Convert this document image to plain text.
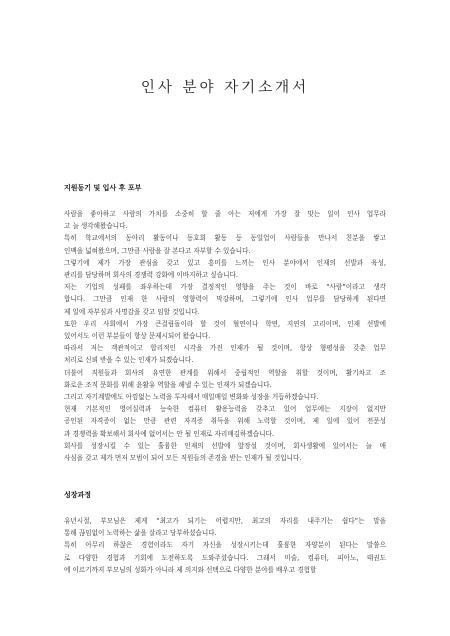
인사 분야 자기소개서
지원동기 및 입사 후 포부

사람을 좋아하고 사람의 가치를 소중히 할 줄 아는 저에게 가장 잘 맞는 일이 인사 업무라

고 늘 생각해왔습니다.

특히 학교에서의 동아리 활동이나 동호회 활동 등 동일업이 사람들을 만나서 친분을 쌓고

인맥을 넓혀왔으며, 그만큼 사람을 잘 본다고 자부할 수 있습니다.

그렇기에 제가 가장 관심을 갖고 있고 흥미를 느끼는 인사 분야에서 인재의 선발과 육성,

관리를 담당하며 회사의 경쟁력 강화에 이바지하고 싶습니다.

저는 기업의 성패를 좌우하는데 가장 결정적인 영향을 주는 것이 바로 “사람”이라고 생각

합니다. 그만큼 인재 한 사람의 영향력이 막강하며, 그렇기에 인사 업무를 담당하게 된다면

제 일에 자부심과 사명감을 갖고 임할 것입니다.

또한 우리 사회에서 가장 큰걸림돌이라 할 것이 혈연이나 학연, 지연의 고리이며, 인재 선발에

있어서도 이런 부분들이 항상 문제시되어 왔습니다.

따라서 저는 객관적이고 합리적인 시각을 가진 인재가 될 것이며, 항상 형평성을 갖춘 업무

처리로 신뢰 받을 수 있는 인재가 되겠습니다.

더불어 직원들과 회사의 유연한 관계를 위해서 중립적인 역할을 취할 것이며, 활기차고 조

화로운 조직 문화를 위해 윤활유 역할을 해낼 수 있는 인재가 되겠습니다.

그리고 자기계발에도 아낌없는 노력을 투자해서 매일매일 변화와 성장을 거듭하겠습니다.

현재 기본적인 영어실력과 능숙한 컴퓨터 활용능력을 갖추고 있어 업무에는 지장이 없지만

공인된 자격증이 없는 만큼 관련 자격증 취득을 위해 노력할 것이며, 제 일에 있어 전문성

과 경쟁력을 확보해서 회사에 없어서는 안 될 인재로 자리매김하겠습니다.

회사를 성장시킬 수 있는 훌륭한 인재의 선발에 앞장설 것이며, 회사생활에 있어서는 늘 애

사심을 갖고 제가 먼저 모범이 되어 모든 직원들의 존경을 받는 인재가 될 것입니다.

성장과정

유년시절, 부모님은 제게 “최고가 되기는 어렵지만, 최고의 자리를 내주기는 쉽다”는 말을

통해 끊임없이 노력하는 삶을 살라고 당부하셨습니다.

특히 아무리 하찮은 경험이라도 자기 자신을 성장시키는데 훌륭한 자양분이 된다는 말씀으

로 다양한 경험과 기회에 도전하도록 도와주셨습니다. 그래서 미술, 컴퓨터, 피아노, 태권도

에 이르기까지 부모님의 성화가 아니라 제 의지와 선택으로 다양한 분야를 배우고 경험할
